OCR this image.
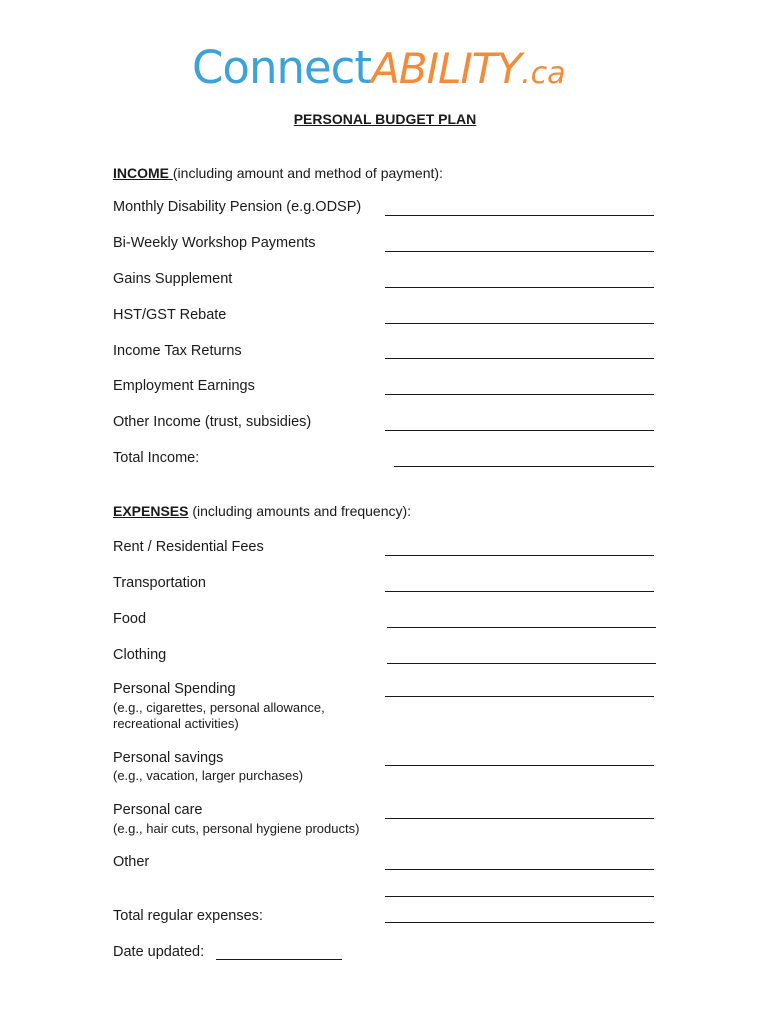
ConnectABILITY.ca
PERSONAL BUDGET PLAN
INCOME (including amount and method of payment):
Monthly Disability Pension (e.g.ODSP)
Bi-Weekly Workshop Payments
Gains Supplement
HST/GST Rebate
Income Tax Returns
Employment Earnings
Other Income (trust, subsidies)
Total Income:
EXPENSES (including amounts and frequency):
Rent / Residential Fees
Transportation
Food
Clothing
Personal Spending
(e.g., cigarettes, personal allowance,
recreational activities)
Personal savings
(e.g., vacation, larger purchases)
Personal care
(e.g., hair cuts, personal hygiene products)
Other
Total regular expenses:
Date updated:
